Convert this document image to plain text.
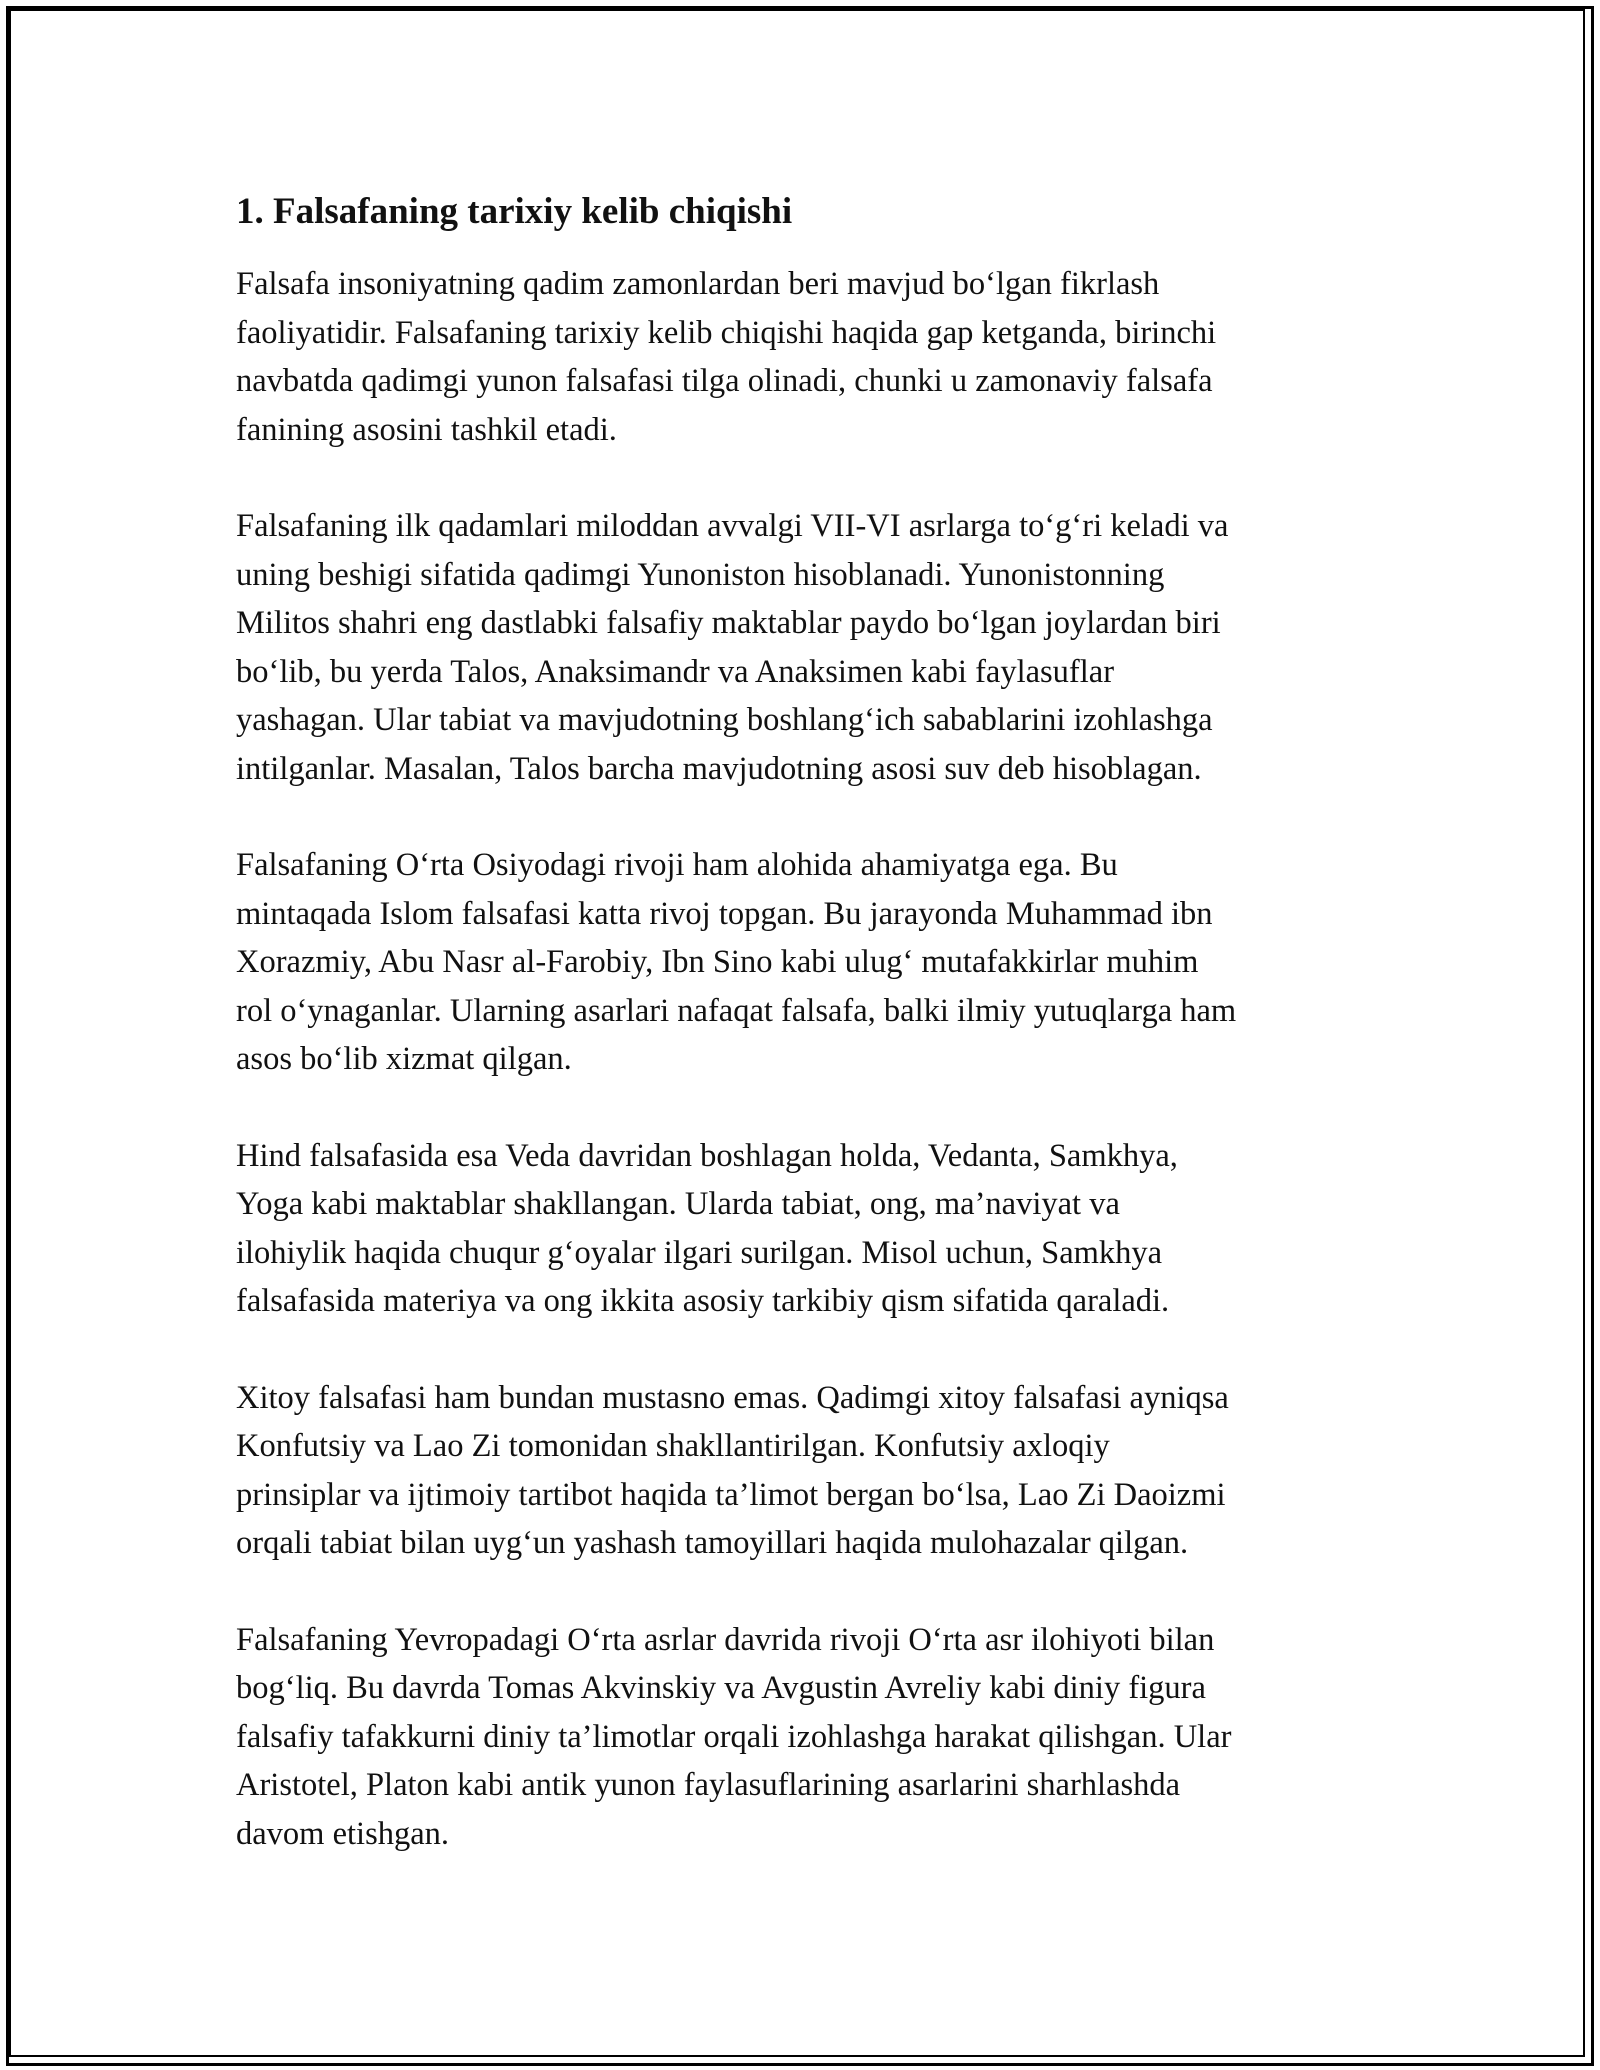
1. Falsafaning tarixiy kelib chiqishi

Falsafa insoniyatning qadim zamonlardan beri mavjud bo‘lgan fikrlash
faoliyatidir. Falsafaning tarixiy kelib chiqishi haqida gap ketganda, birinchi
navbatda qadimgi yunon falsafasi tilga olinadi, chunki u zamonaviy falsafa
fanining asosini tashkil etadi.

Falsafaning ilk qadamlari miloddan avvalgi VII-VI asrlarga to‘g‘ri keladi va
uning beshigi sifatida qadimgi Yunoniston hisoblanadi. Yunonistonning
Militos shahri eng dastlabki falsafiy maktablar paydo bo‘lgan joylardan biri
bo‘lib, bu yerda Talos, Anaksimandr va Anaksimen kabi faylasuflar
yashagan. Ular tabiat va mavjudotning boshlang‘ich sabablarini izohlashga
intilganlar. Masalan, Talos barcha mavjudotning asosi suv deb hisoblagan.

Falsafaning O‘rta Osiyodagi rivoji ham alohida ahamiyatga ega. Bu
mintaqada Islom falsafasi katta rivoj topgan. Bu jarayonda Muhammad ibn
Xorazmiy, Abu Nasr al-Farobiy, Ibn Sino kabi ulug‘ mutafakkirlar muhim
rol o‘ynaganlar. Ularning asarlari nafaqat falsafa, balki ilmiy yutuqlarga ham
asos bo‘lib xizmat qilgan.

Hind falsafasida esa Veda davridan boshlagan holda, Vedanta, Samkhya,
Yoga kabi maktablar shakllangan. Ularda tabiat, ong, ma’naviyat va
ilohiylik haqida chuqur g‘oyalar ilgari surilgan. Misol uchun, Samkhya
falsafasida materiya va ong ikkita asosiy tarkibiy qism sifatida qaraladi.

Xitoy falsafasi ham bundan mustasno emas. Qadimgi xitoy falsafasi ayniqsa
Konfutsiy va Lao Zi tomonidan shakllantirilgan. Konfutsiy axloqiy
prinsiplar va ijtimoiy tartibot haqida ta’limot bergan bo‘lsa, Lao Zi Daoizmi
orqali tabiat bilan uyg‘un yashash tamoyillari haqida mulohazalar qilgan.

Falsafaning Yevropadagi O‘rta asrlar davrida rivoji O‘rta asr ilohiyoti bilan
bog‘liq. Bu davrda Tomas Akvinskiy va Avgustin Avreliy kabi diniy figura
falsafiy tafakkurni diniy ta’limotlar orqali izohlashga harakat qilishgan. Ular
Aristotel, Platon kabi antik yunon faylasuflarining asarlarini sharhlashda
davom etishgan.
